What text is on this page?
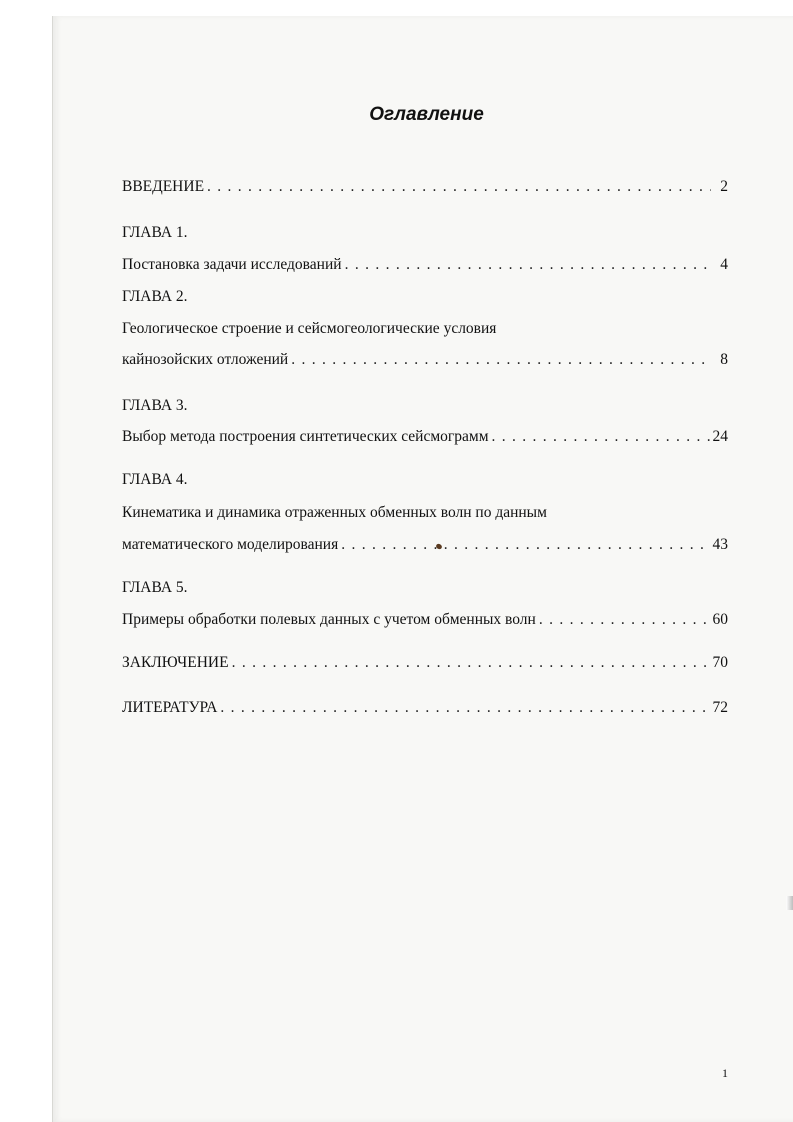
Оглавление
ВВЕДЕНИЕ . . .	2
ГЛАВА 1.
Постановка задачи исследований . . .	4
ГЛАВА 2.
Геологическое строение и сейсмогеологические условия
кайнозойских отложений . . .	8
ГЛАВА 3.
Выбор метода построения синтетических сейсмограмм . . .	24
ГЛАВА 4.
Кинематика и динамика отраженных обменных волн по данным
математического моделирования . . .	43
ГЛАВА 5.
Примеры обработки полевых данных с учетом обменных волн . . .	60
ЗАКЛЮЧЕНИЕ . . .	70
ЛИТЕРАТУРА . . .	72
1
